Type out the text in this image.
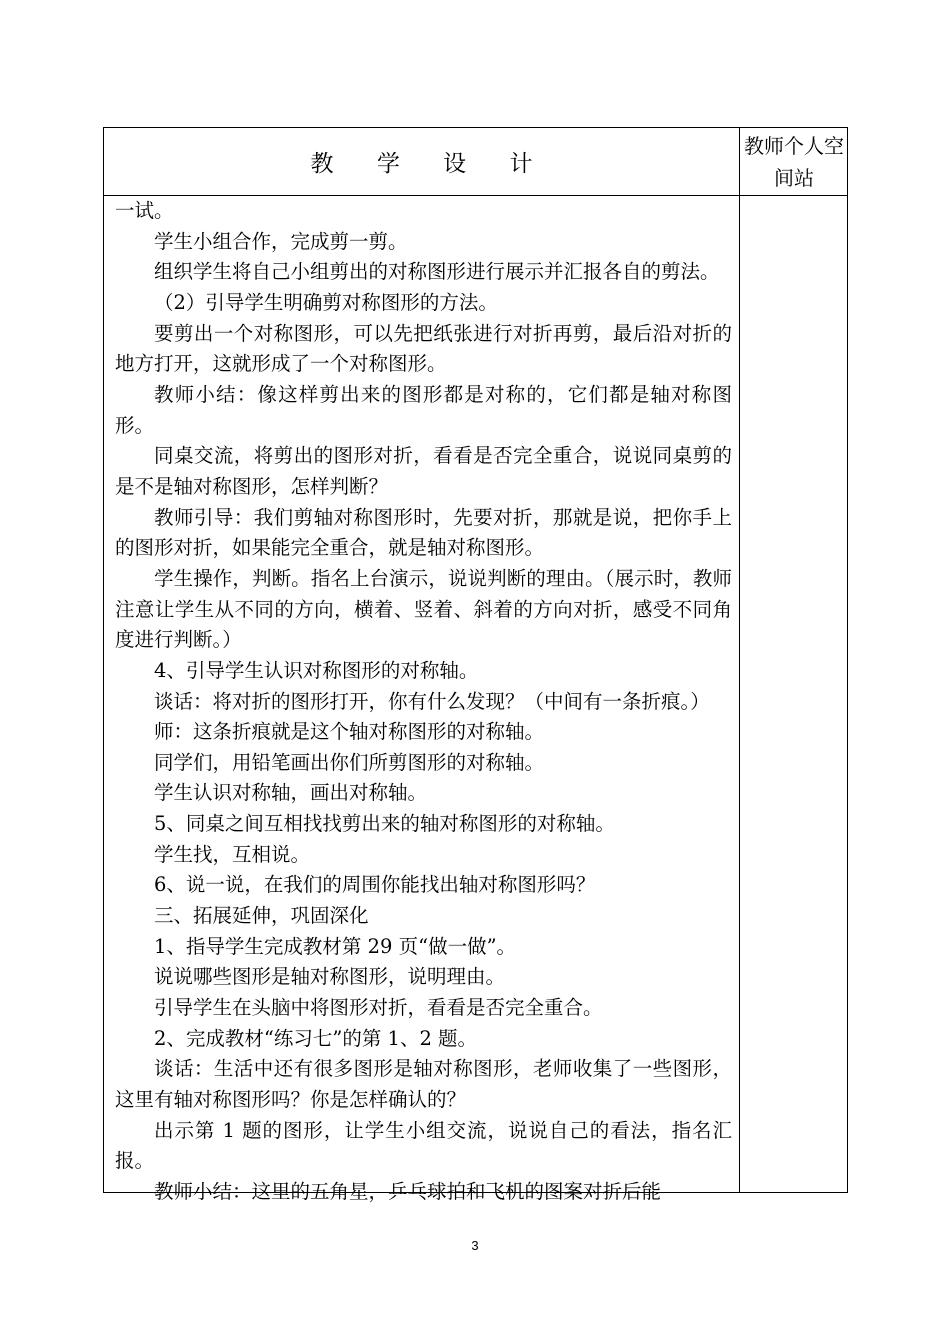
教 学 设 计
教师个人空间站

一试。

学生小组合作，完成剪一剪。

组织学生将自己小组剪出的对称图形进行展示并汇报各自的剪法。

（2）引导学生明确剪对称图形的方法。

要剪出一个对称图形，可以先把纸张进行对折再剪，最后沿对折的地方打开，这就形成了一个对称图形。

教师小结：像这样剪出来的图形都是对称的，它们都是轴对称图形。

同桌交流，将剪出的图形对折，看看是否完全重合，说说同桌剪的是不是轴对称图形，怎样判断？

教师引导：我们剪轴对称图形时，先要对折，那就是说，把你手上的图形对折，如果能完全重合，就是轴对称图形。

学生操作，判断。指名上台演示，说说判断的理由。（展示时，教师注意让学生从不同的方向，横着、竖着、斜着的方向对折，感受不同角度进行判断。）

4、引导学生认识对称图形的对称轴。

谈话：将对折的图形打开，你有什么发现？（中间有一条折痕。）

师：这条折痕就是这个轴对称图形的对称轴。

同学们，用铅笔画出你们所剪图形的对称轴。

学生认识对称轴，画出对称轴。

5、同桌之间互相找找剪出来的轴对称图形的对称轴。

学生找，互相说。

6、说一说，在我们的周围你能找出轴对称图形吗？

三、拓展延伸，巩固深化

1、指导学生完成教材第 29 页“做一做”。

说说哪些图形是轴对称图形，说明理由。

引导学生在头脑中将图形对折，看看是否完全重合。

2、完成教材“练习七”的第 1、2 题。

谈话：生活中还有很多图形是轴对称图形，老师收集了一些图形，这里有轴对称图形吗？你是怎样确认的？

出示第 1 题的图形，让学生小组交流，说说自己的看法，指名汇报。

教师小结：这里的五角星，乒乓球拍和飞机的图案对折后能

3
